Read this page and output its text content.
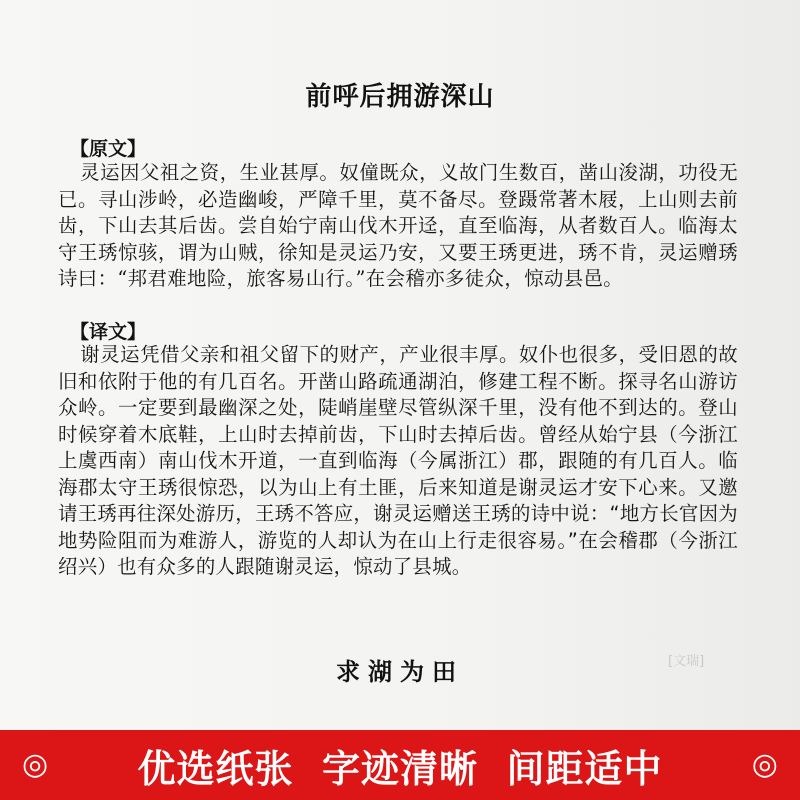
前呼后拥游深山
【原文】

灵运因父祖之资，生业甚厚。奴僮既众，义故门生数百，凿山浚湖，功役无已。寻山涉岭，必造幽峻，严障千里，莫不备尽。登蹑常著木屐，上山则去前齿，下山去其后齿。尝自始宁南山伐木开迳，直至临海，从者数百人。临海太守王琇惊骇，谓为山贼，徐知是灵运乃安，又要王琇更进，琇不肯，灵运赠琇诗曰：“邦君难地险，旅客易山行。”在会稽亦多徒众，惊动县邑。

【译文】

谢灵运凭借父亲和祖父留下的财产，产业很丰厚。奴仆也很多，受旧恩的故旧和依附于他的有几百名。开凿山路疏通湖泊，修建工程不断。探寻名山游访众岭。一定要到最幽深之处，陡峭崖壁尽管纵深千里，没有他不到达的。登山时候穿着木底鞋，上山时去掉前齿，下山时去掉后齿。曾经从始宁县（今浙江上虞西南）南山伐木开道，一直到临海（今属浙江）郡，跟随的有几百人。临海郡太守王琇很惊恐，以为山上有土匪，后来知道是谢灵运才安下心来。又邀请王琇再往深处游历，王琇不答应，谢灵运赠送王琇的诗中说：“地方长官因为地势险阻而为难游人，游览的人却认为在山上行走很容易。”在会稽郡（今浙江绍兴）也有众多的人跟随谢灵运，惊动了县城。

求湖为田	[文瑞]
◎ 优选纸张  字迹清晰  间距适中	◎
